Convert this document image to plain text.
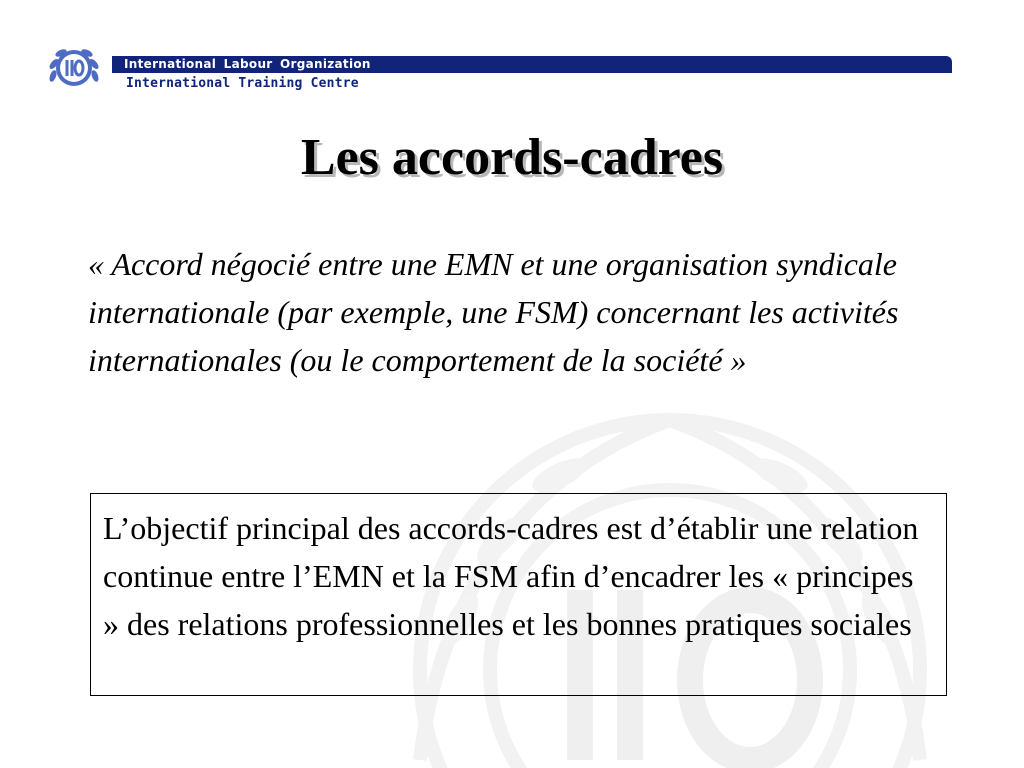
International Labour Organization
International Training Centre
Les accords-cadres

« Accord négocié entre une EMN et une organisation syndicale internationale (par exemple, une FSM) concernant les activités internationales (ou le comportement de la société »

L’objectif principal des accords-cadres est d’établir une relation continue entre l’EMN et la FSM afin d’encadrer les « principes » des relations professionnelles et les bonnes pratiques sociales
